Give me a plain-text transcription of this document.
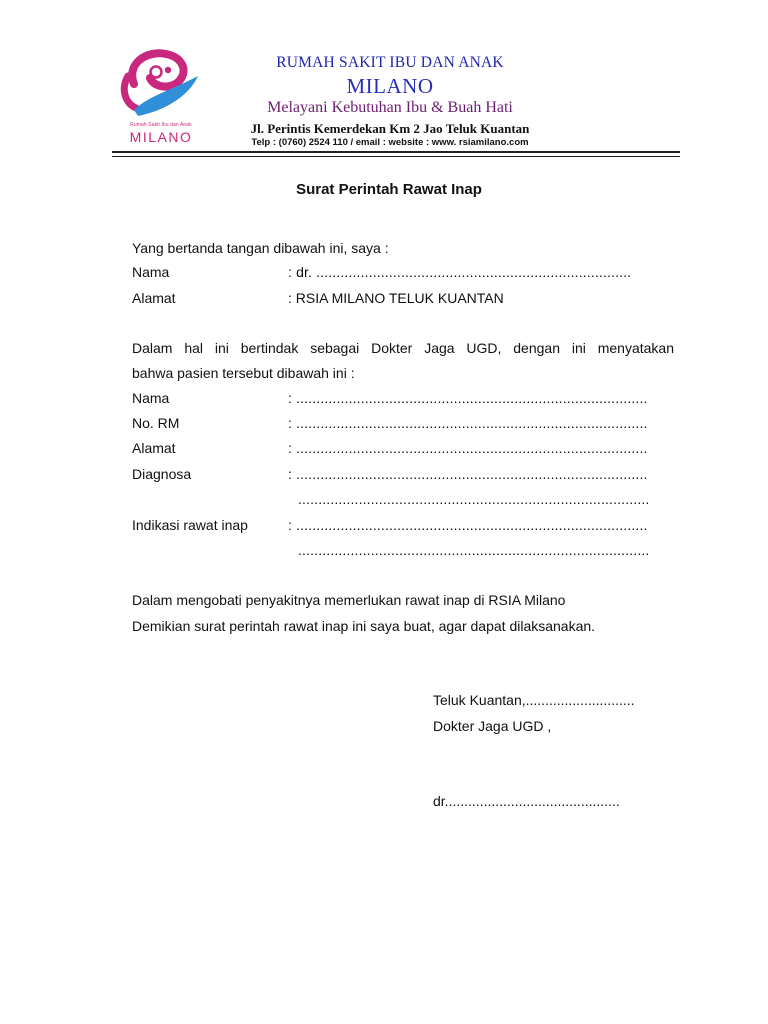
Rumah Sakit Ibu dan Anak
MILANO
RUMAH SAKIT IBU DAN ANAK
MILANO
Melayani Kebutuhan Ibu & Buah Hati
Jl. Perintis Kemerdekan Km 2 Jao Teluk Kuantan
Telp : (0760) 2524 110 / email : website : www. rsiamilano.com
Surat Perintah Rawat Inap
Yang bertanda tangan dibawah ini, saya :
Nama	: dr. ..............................................................................
Alamat	: RSIA MILANO TELUK KUANTAN
Dalam hal ini bertindak sebagai Dokter Jaga UGD, dengan ini menyatakan
bahwa pasien tersebut dibawah ini :
Nama	: .......................................................................................
No. RM	: .......................................................................................
Alamat	: .......................................................................................
Diagnosa	: .......................................................................................
.......................................................................................
Indikasi rawat inap	: .......................................................................................
.......................................................................................
Dalam mengobati penyakitnya memerlukan rawat inap di RSIA Milano
Demikian surat perintah rawat inap ini saya buat, agar dapat dilaksanakan.
Teluk Kuantan,............................
Dokter Jaga UGD ,
dr.............................................
